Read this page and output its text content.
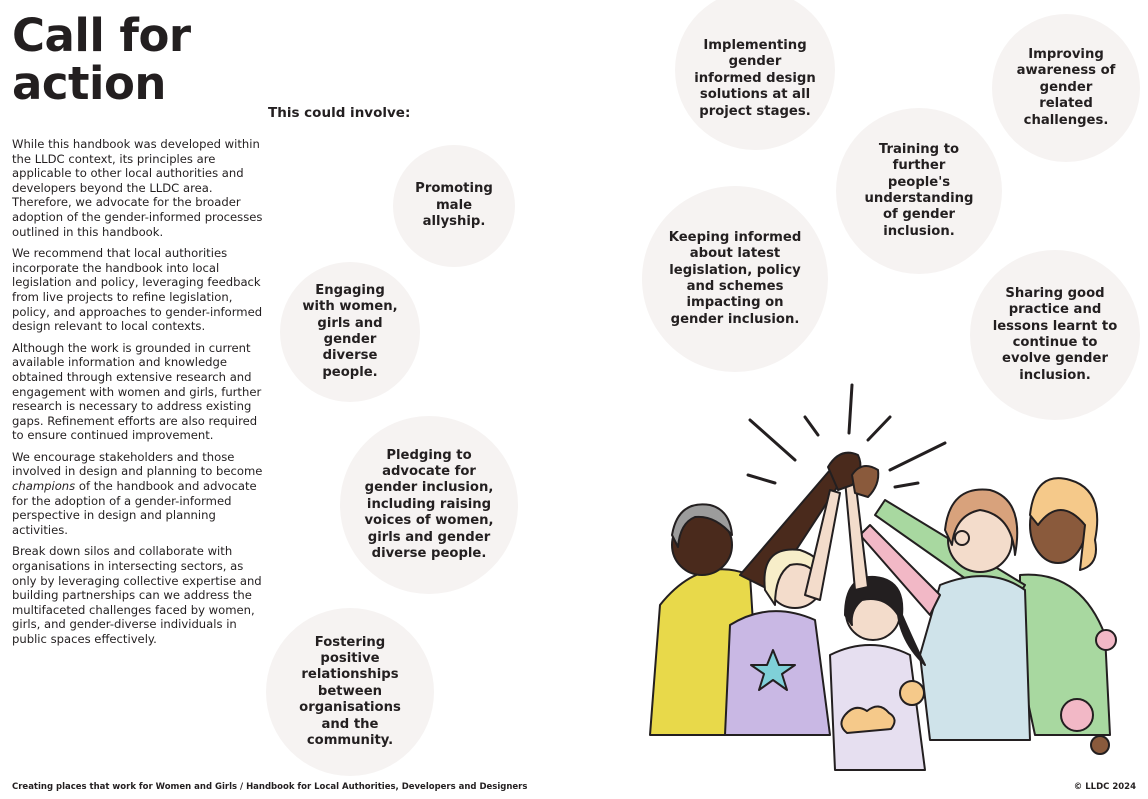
Call for
action
This could involve:

While this handbook was developed within the LLDC context, its principles are applicable to other local authorities and developers beyond the LLDC area. Therefore, we advocate for the broader adoption of the gender-informed processes outlined in this handbook.

We recommend that local authorities incorporate the handbook into local legislation and policy, leveraging feedback from live projects to refine legislation, policy, and approaches to gender-informed design relevant to local contexts.

Although the work is grounded in current available information and knowledge obtained through extensive research and engagement with women and girls, further research is necessary to address existing gaps. Refinement efforts are also required to ensure continued improvement.

We encourage stakeholders and those involved in design and planning to become champions of the handbook and advocate for the adoption of a gender-informed perspective in design and planning activities.

Break down silos and collaborate with organisations in intersecting sectors, as only by leveraging collective expertise and building partnerships can we address the multifaceted challenges faced by women, girls, and gender-diverse individuals in public spaces effectively.

Promoting male allyship.
Engaging with women, girls and gender diverse people.
Pledging to advocate for gender inclusion, including raising voices of women, girls and gender diverse people.
Fostering positive relationships between organisations and the community.
Implementing gender informed design solutions at all project stages.
Improving awareness of gender related challenges.
Training to further people's understanding of gender inclusion.
Keeping informed about latest legislation, policy and schemes impacting on gender inclusion.
Sharing good practice and lessons learnt to continue to evolve gender inclusion.
Creating places that work for Women and Girls / Handbook for Local Authorities, Developers and Designers	© LLDC 2024
